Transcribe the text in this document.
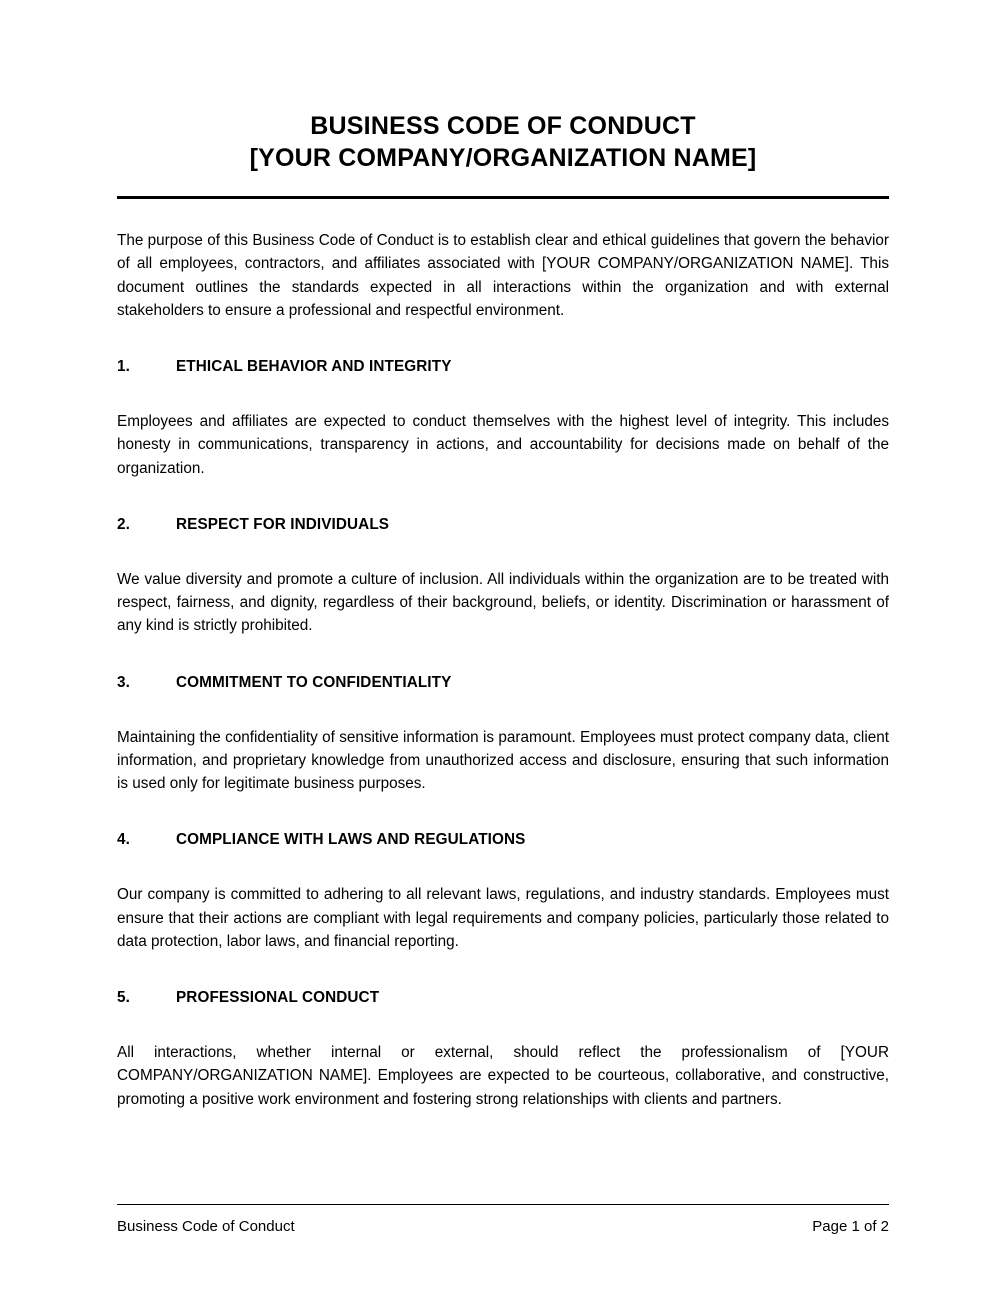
BUSINESS CODE OF CONDUCT
[YOUR COMPANY/ORGANIZATION NAME]

The purpose of this Business Code of Conduct is to establish clear and ethical guidelines that govern the behavior of all employees, contractors, and affiliates associated with [YOUR COMPANY/ORGANIZATION NAME]. This document outlines the standards expected in all interactions within the organization and with external stakeholders to ensure a professional and respectful environment.

1.	ETHICAL BEHAVIOR AND INTEGRITY

Employees and affiliates are expected to conduct themselves with the highest level of integrity. This includes honesty in communications, transparency in actions, and accountability for decisions made on behalf of the organization.

2.	RESPECT FOR INDIVIDUALS

We value diversity and promote a culture of inclusion. All individuals within the organization are to be treated with respect, fairness, and dignity, regardless of their background, beliefs, or identity. Discrimination or harassment of any kind is strictly prohibited.

3.	COMMITMENT TO CONFIDENTIALITY

Maintaining the confidentiality of sensitive information is paramount. Employees must protect company data, client information, and proprietary knowledge from unauthorized access and disclosure, ensuring that such information is used only for legitimate business purposes.

4.	COMPLIANCE WITH LAWS AND REGULATIONS

Our company is committed to adhering to all relevant laws, regulations, and industry standards. Employees must ensure that their actions are compliant with legal requirements and company policies, particularly those related to data protection, labor laws, and financial reporting.

5.	PROFESSIONAL CONDUCT

All interactions, whether internal or external, should reflect the professionalism of [YOUR COMPANY/ORGANIZATION NAME]. Employees are expected to be courteous, collaborative, and constructive, promoting a positive work environment and fostering strong relationships with clients and partners.

Business Code of Conduct	Page 1 of 2
